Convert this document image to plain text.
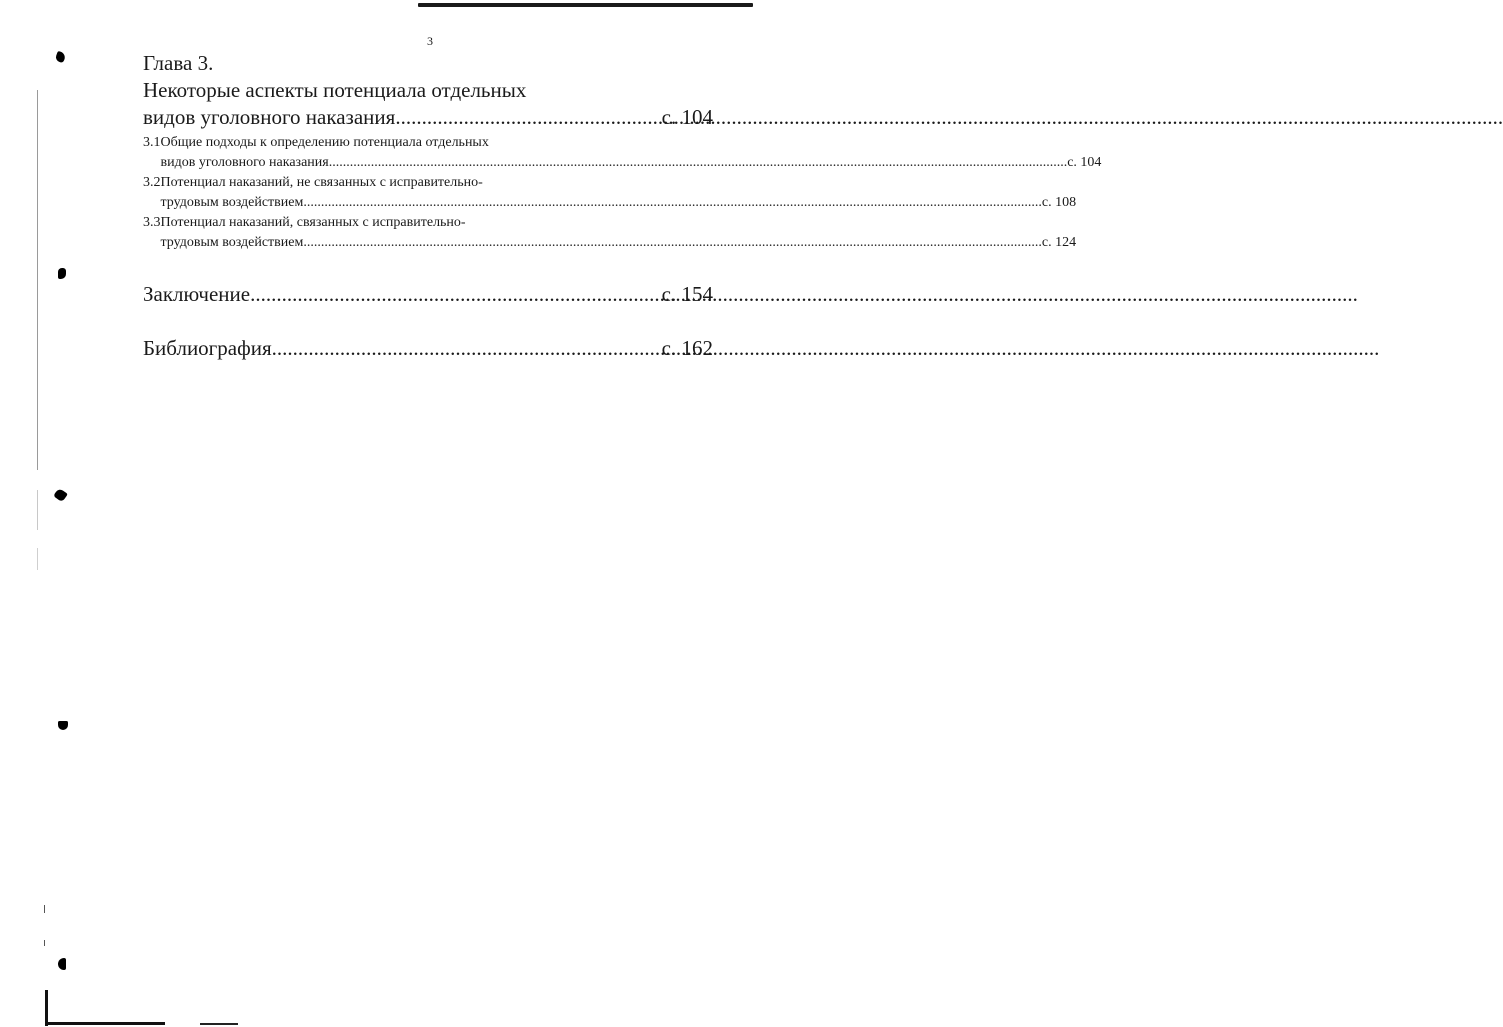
3
Глава 3.
Некоторые аспекты потенциала отдельных
видов уголовного наказания .....	с. 104
3.1 Общие подходы к определению потенциала отдельных
видов уголовного наказания .....	с. 104
3.2 Потенциал наказаний, не связанных с исправительно-
трудовым воздействием .....	с. 108
3.3 Потенциал наказаний, связанных с исправительно-
трудовым воздействием .....	с. 124
Заключение .....	с. 154
Библиография .....	с. 162
